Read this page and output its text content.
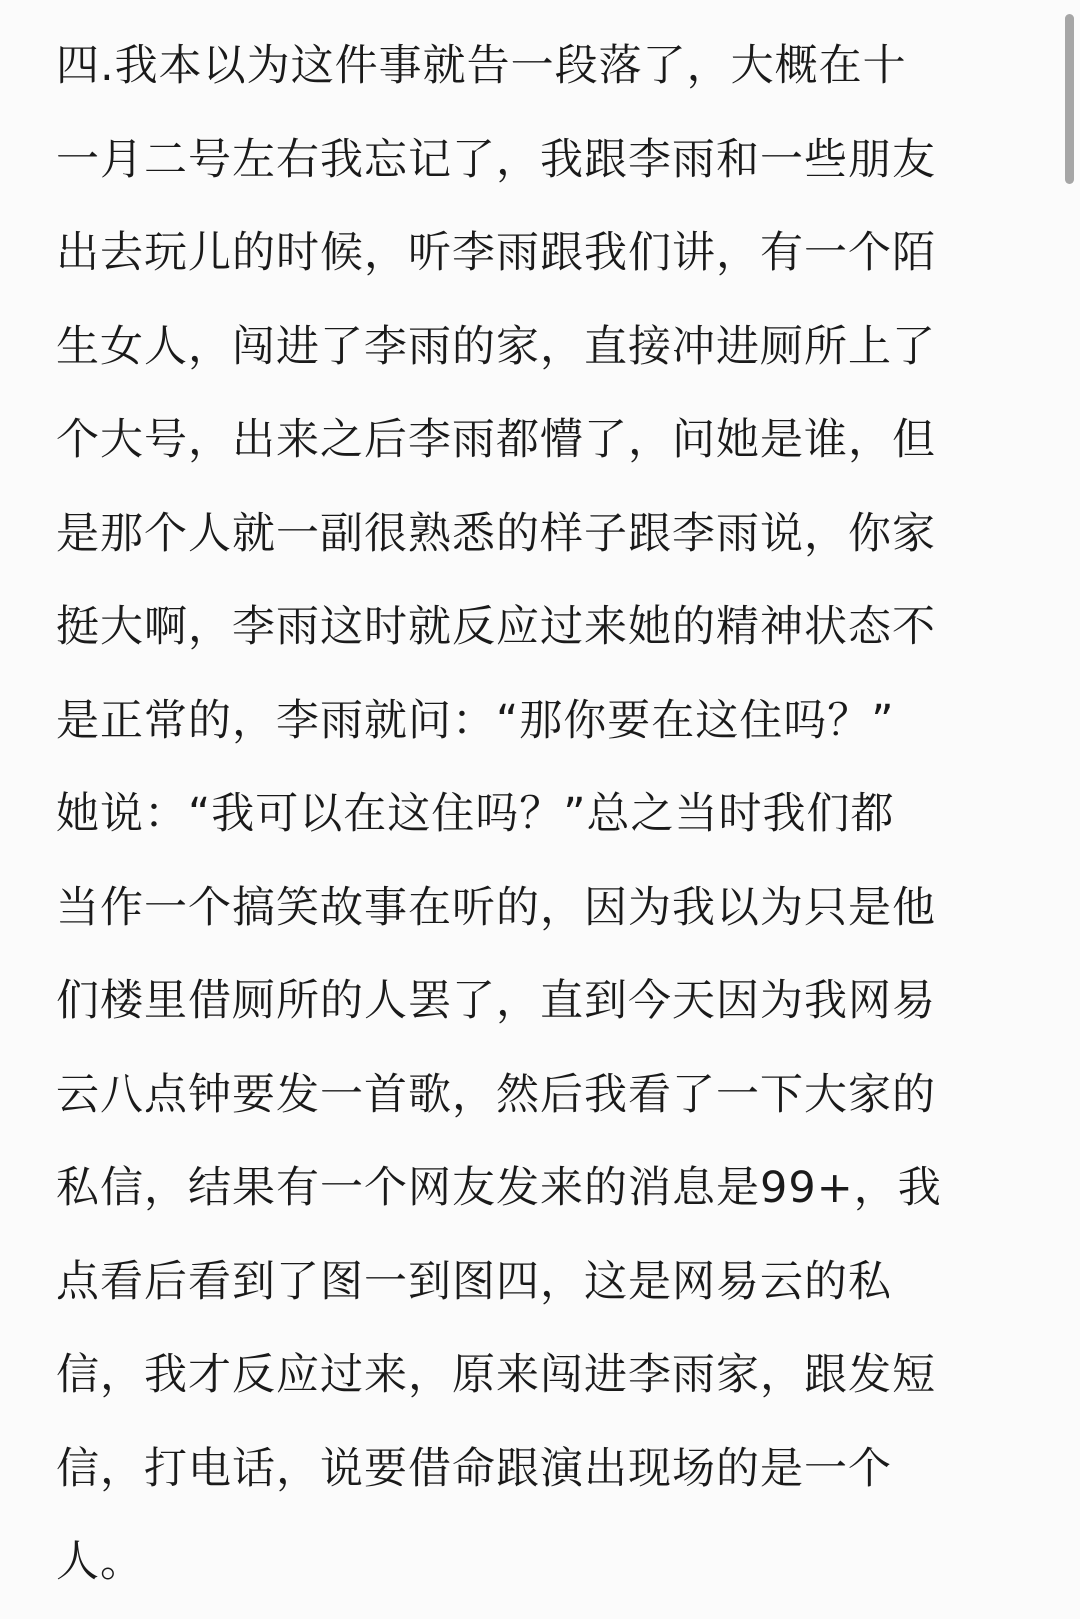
四.我本以为这件事就告一段落了，大概在十
一月二号左右我忘记了，我跟李雨和一些朋友
出去玩儿的时候，听李雨跟我们讲，有一个陌
生女人，闯进了李雨的家，直接冲进厕所上了
个大号，出来之后李雨都懵了，问她是谁，但
是那个人就一副很熟悉的样子跟李雨说，你家
挺大啊，李雨这时就反应过来她的精神状态不
是正常的，李雨就问：“那你要在这住吗？”
她说：“我可以在这住吗？”总之当时我们都
当作一个搞笑故事在听的，因为我以为只是他
们楼里借厕所的人罢了，直到今天因为我网易
云八点钟要发一首歌，然后我看了一下大家的
私信，结果有一个网友发来的消息是99+，我
点看后看到了图一到图四，这是网易云的私
信，我才反应过来，原来闯进李雨家，跟发短
信，打电话，说要借命跟演出现场的是一个
人。
